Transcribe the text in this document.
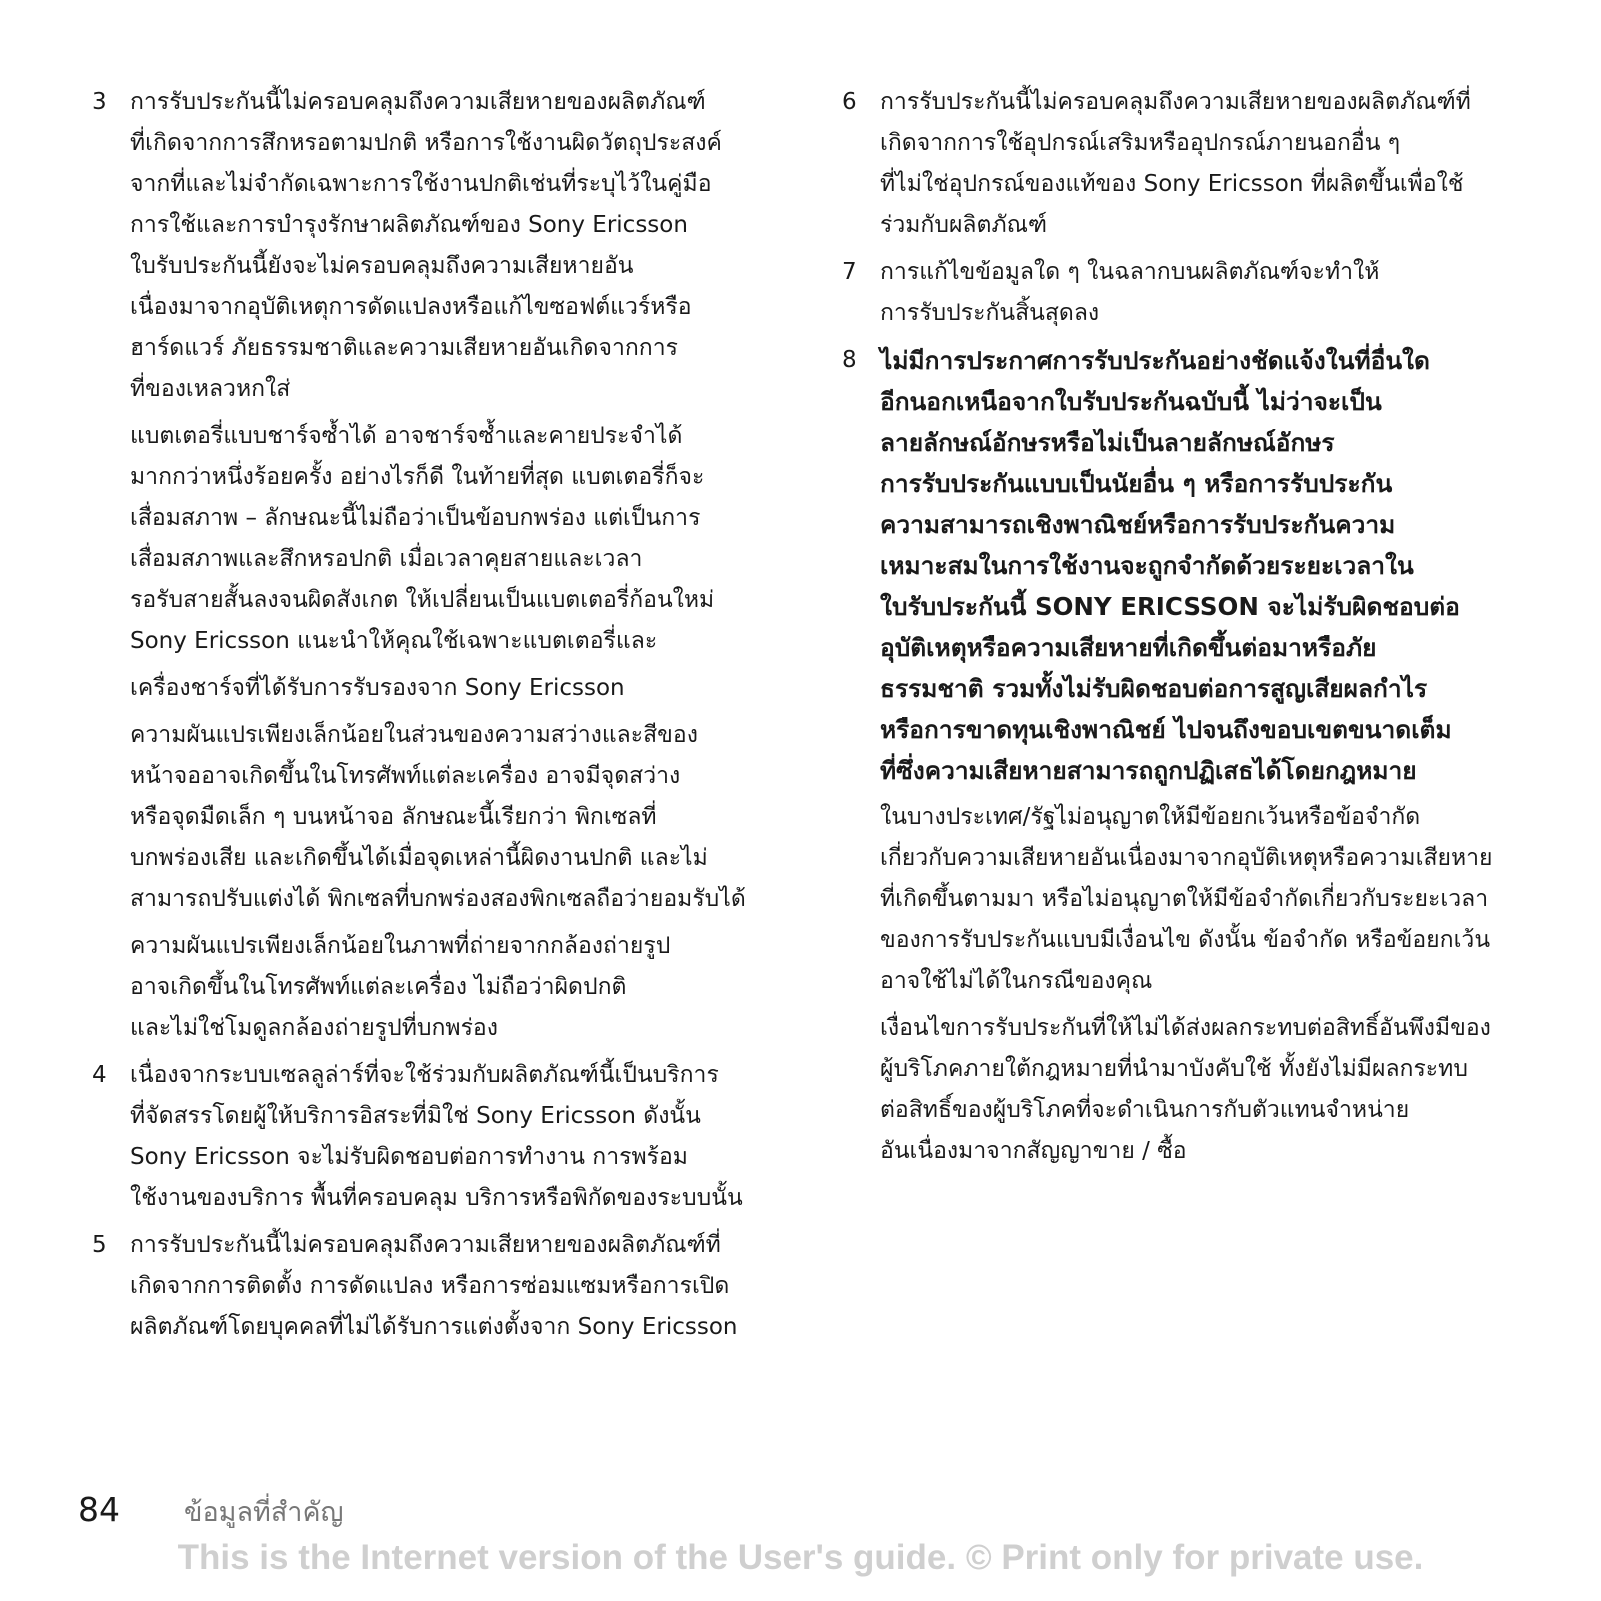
3 การรับประกันนี้ไม่ครอบคลุมถึงความเสียหายของผลิตภัณฑ์
ที่เกิดจากการสึกหรอตามปกติ หรือการใช้งานผิดวัตถุประสงค์
จากที่และไม่จำกัดเฉพาะการใช้งานปกติเช่นที่ระบุไว้ในคู่มือ
การใช้และการบำรุงรักษาผลิตภัณฑ์ของ Sony Ericsson
ใบรับประกันนี้ยังจะไม่ครอบคลุมถึงความเสียหายอัน
เนื่องมาจากอุบัติเหตุการดัดแปลงหรือแก้ไขซอฟต์แวร์หรือ
ฮาร์ดแวร์ ภัยธรรมชาติและความเสียหายอันเกิดจากการ
ที่ของเหลวหกใส่
แบตเตอรี่แบบชาร์จซ้ำได้ อาจชาร์จซ้ำและคายประจำได้
มากกว่าหนึ่งร้อยครั้ง อย่างไรก็ดี ในท้ายที่สุด แบตเตอรี่ก็จะ
เสื่อมสภาพ – ลักษณะนี้ไม่ถือว่าเป็นข้อบกพร่อง แต่เป็นการ
เสื่อมสภาพและสึกหรอปกติ เมื่อเวลาคุยสายและเวลา
รอรับสายสั้นลงจนผิดสังเกต ให้เปลี่ยนเป็นแบตเตอรี่ก้อนใหม่
Sony Ericsson แนะนำให้คุณใช้เฉพาะแบตเตอรี่และ
เครื่องชาร์จที่ได้รับการรับรองจาก Sony Ericsson
ความผันแปรเพียงเล็กน้อยในส่วนของความสว่างและสีของ
หน้าจออาจเกิดขึ้นในโทรศัพท์แต่ละเครื่อง อาจมีจุดสว่าง
หรือจุดมืดเล็ก ๆ บนหน้าจอ ลักษณะนี้เรียกว่า พิกเซลที่
บกพร่องเสีย และเกิดขึ้นได้เมื่อจุดเหล่านี้ผิดงานปกติ และไม่
สามารถปรับแต่งได้ พิกเซลที่บกพร่องสองพิกเซลถือว่ายอมรับได้
ความผันแปรเพียงเล็กน้อยในภาพที่ถ่ายจากกล้องถ่ายรูป
อาจเกิดขึ้นในโทรศัพท์แต่ละเครื่อง ไม่ถือว่าผิดปกติ
และไม่ใช่โมดูลกล้องถ่ายรูปที่บกพร่อง
4 เนื่องจากระบบเซลลูล่าร์ที่จะใช้ร่วมกับผลิตภัณฑ์นี้เป็นบริการ
ที่จัดสรรโดยผู้ให้บริการอิสระที่มิใช่ Sony Ericsson ดังนั้น
Sony Ericsson จะไม่รับผิดชอบต่อการทำงาน การพร้อม
ใช้งานของบริการ พื้นที่ครอบคลุม บริการหรือพิกัดของระบบนั้น
5 การรับประกันนี้ไม่ครอบคลุมถึงความเสียหายของผลิตภัณฑ์ที่
เกิดจากการติดตั้ง การดัดแปลง หรือการซ่อมแซมหรือการเปิด
ผลิตภัณฑ์โดยบุคคลที่ไม่ได้รับการแต่งตั้งจาก Sony Ericsson
6 การรับประกันนี้ไม่ครอบคลุมถึงความเสียหายของผลิตภัณฑ์ที่
เกิดจากการใช้อุปกรณ์เสริมหรืออุปกรณ์ภายนอกอื่น ๆ
ที่ไม่ใช่อุปกรณ์ของแท้ของ Sony Ericsson ที่ผลิตขึ้นเพื่อใช้
ร่วมกับผลิตภัณฑ์
7 การแก้ไขข้อมูลใด ๆ ในฉลากบนผลิตภัณฑ์จะทำให้
การรับประกันสิ้นสุดลง
8 ไม่มีการประกาศการรับประกันอย่างชัดแจ้งในที่อื่นใด
อีกนอกเหนือจากใบรับประกันฉบับนี้ ไม่ว่าจะเป็น
ลายลักษณ์อักษรหรือไม่เป็นลายลักษณ์อักษร
การรับประกันแบบเป็นนัยอื่น ๆ หรือการรับประกัน
ความสามารถเชิงพาณิชย์หรือการรับประกันความ
เหมาะสมในการใช้งานจะถูกจำกัดด้วยระยะเวลาใน
ใบรับประกันนี้ SONY ERICSSON จะไม่รับผิดชอบต่อ
อุบัติเหตุหรือความเสียหายที่เกิดขึ้นต่อมาหรือภัย
ธรรมชาติ รวมทั้งไม่รับผิดชอบต่อการสูญเสียผลกำไร
หรือการขาดทุนเชิงพาณิชย์ ไปจนถึงขอบเขตขนาดเต็ม
ที่ซึ่งความเสียหายสามารถถูกปฏิเสธได้โดยกฎหมาย
ในบางประเทศ/รัฐไม่อนุญาตให้มีข้อยกเว้นหรือข้อจำกัด
เกี่ยวกับความเสียหายอันเนื่องมาจากอุบัติเหตุหรือความเสียหาย
ที่เกิดขึ้นตามมา หรือไม่อนุญาตให้มีข้อจำกัดเกี่ยวกับระยะเวลา
ของการรับประกันแบบมีเงื่อนไข ดังนั้น ข้อจำกัด หรือข้อยกเว้น
อาจใช้ไม่ได้ในกรณีของคุณ
เงื่อนไขการรับประกันที่ให้ไม่ได้ส่งผลกระทบต่อสิทธิ์อันพึงมีของ
ผู้บริโภคภายใต้กฎหมายที่นำมาบังคับใช้ ทั้งยังไม่มีผลกระทบ
ต่อสิทธิ์ของผู้บริโภคที่จะดำเนินการกับตัวแทนจำหน่าย
อันเนื่องมาจากสัญญาขาย / ซื้อ
84 ข้อมูลที่สำคัญ
This is the Internet version of the User's guide. © Print only for private use.
